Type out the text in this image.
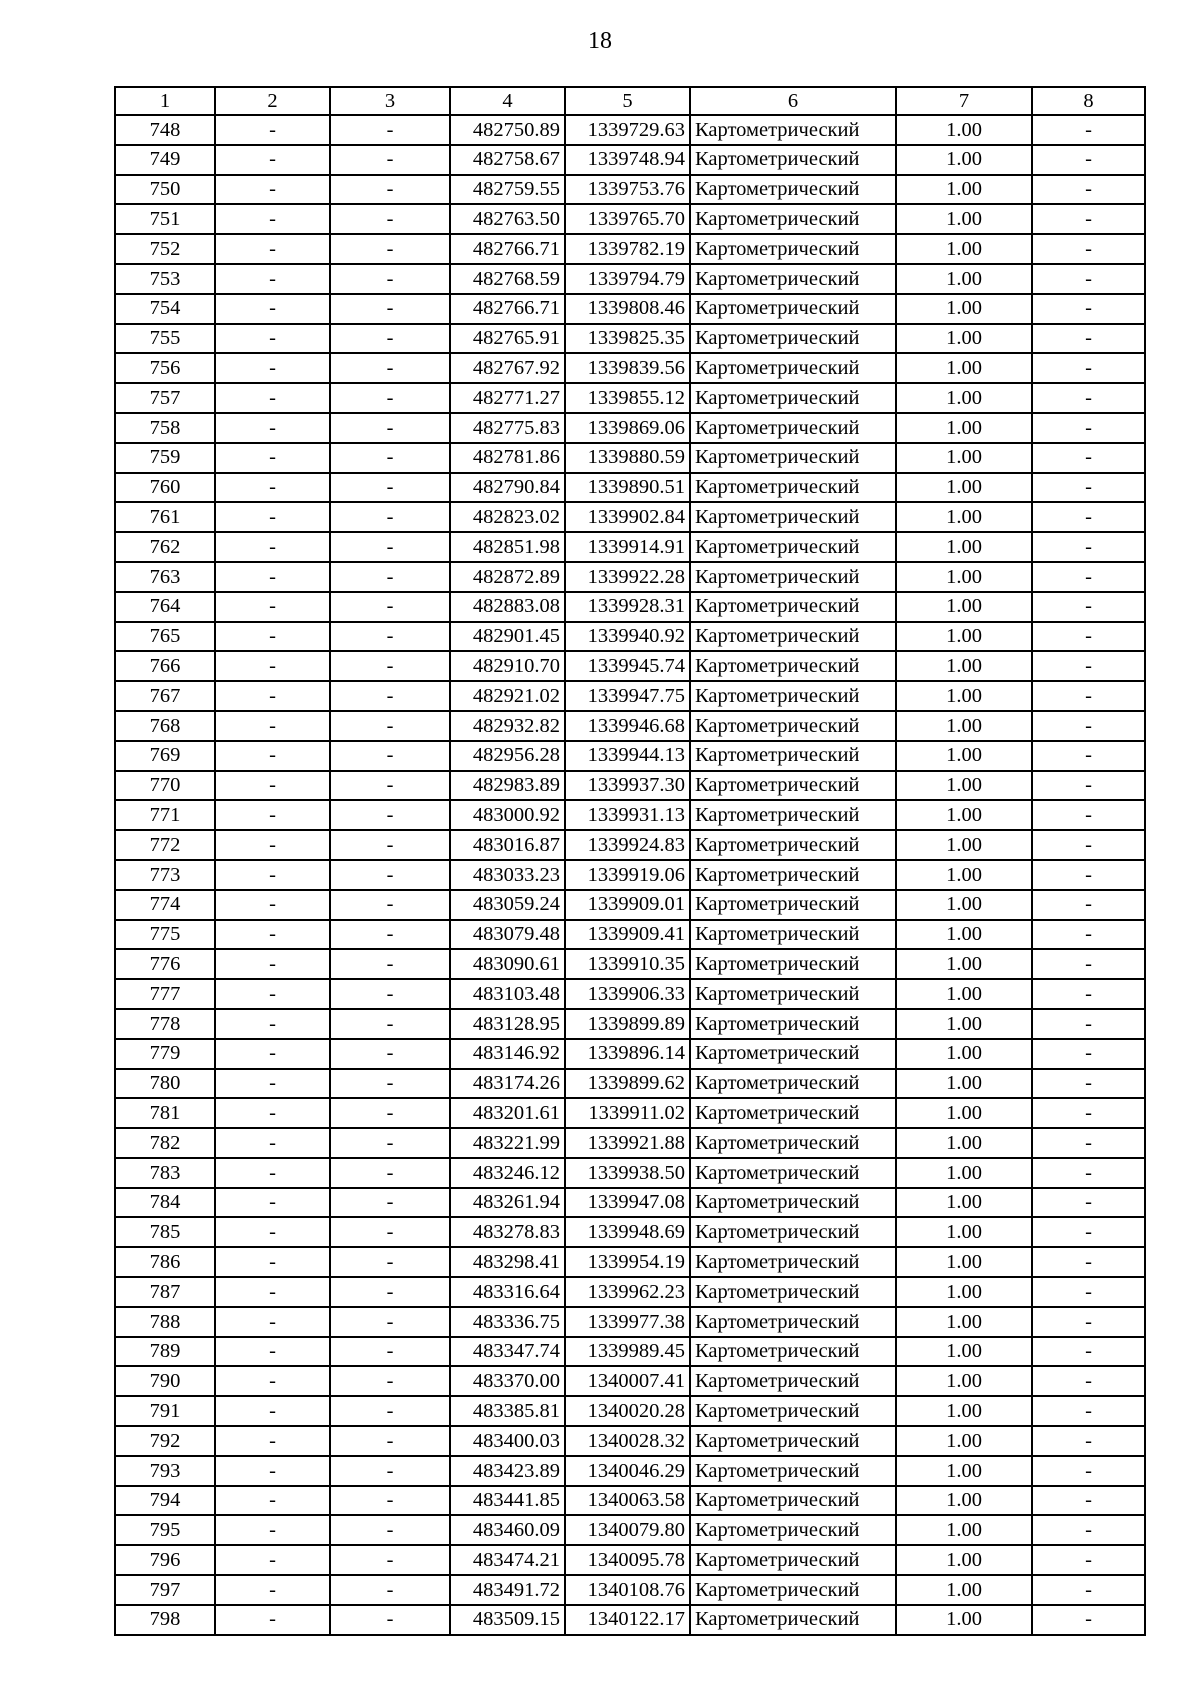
18
1	2	3	4	5	6	7	8
748	-	-	482750.89	1339729.63	Картометрический	1.00	-
749	-	-	482758.67	1339748.94	Картометрический	1.00	-
750	-	-	482759.55	1339753.76	Картометрический	1.00	-
751	-	-	482763.50	1339765.70	Картометрический	1.00	-
752	-	-	482766.71	1339782.19	Картометрический	1.00	-
753	-	-	482768.59	1339794.79	Картометрический	1.00	-
754	-	-	482766.71	1339808.46	Картометрический	1.00	-
755	-	-	482765.91	1339825.35	Картометрический	1.00	-
756	-	-	482767.92	1339839.56	Картометрический	1.00	-
757	-	-	482771.27	1339855.12	Картометрический	1.00	-
758	-	-	482775.83	1339869.06	Картометрический	1.00	-
759	-	-	482781.86	1339880.59	Картометрический	1.00	-
760	-	-	482790.84	1339890.51	Картометрический	1.00	-
761	-	-	482823.02	1339902.84	Картометрический	1.00	-
762	-	-	482851.98	1339914.91	Картометрический	1.00	-
763	-	-	482872.89	1339922.28	Картометрический	1.00	-
764	-	-	482883.08	1339928.31	Картометрический	1.00	-
765	-	-	482901.45	1339940.92	Картометрический	1.00	-
766	-	-	482910.70	1339945.74	Картометрический	1.00	-
767	-	-	482921.02	1339947.75	Картометрический	1.00	-
768	-	-	482932.82	1339946.68	Картометрический	1.00	-
769	-	-	482956.28	1339944.13	Картометрический	1.00	-
770	-	-	482983.89	1339937.30	Картометрический	1.00	-
771	-	-	483000.92	1339931.13	Картометрический	1.00	-
772	-	-	483016.87	1339924.83	Картометрический	1.00	-
773	-	-	483033.23	1339919.06	Картометрический	1.00	-
774	-	-	483059.24	1339909.01	Картометрический	1.00	-
775	-	-	483079.48	1339909.41	Картометрический	1.00	-
776	-	-	483090.61	1339910.35	Картометрический	1.00	-
777	-	-	483103.48	1339906.33	Картометрический	1.00	-
778	-	-	483128.95	1339899.89	Картометрический	1.00	-
779	-	-	483146.92	1339896.14	Картометрический	1.00	-
780	-	-	483174.26	1339899.62	Картометрический	1.00	-
781	-	-	483201.61	1339911.02	Картометрический	1.00	-
782	-	-	483221.99	1339921.88	Картометрический	1.00	-
783	-	-	483246.12	1339938.50	Картометрический	1.00	-
784	-	-	483261.94	1339947.08	Картометрический	1.00	-
785	-	-	483278.83	1339948.69	Картометрический	1.00	-
786	-	-	483298.41	1339954.19	Картометрический	1.00	-
787	-	-	483316.64	1339962.23	Картометрический	1.00	-
788	-	-	483336.75	1339977.38	Картометрический	1.00	-
789	-	-	483347.74	1339989.45	Картометрический	1.00	-
790	-	-	483370.00	1340007.41	Картометрический	1.00	-
791	-	-	483385.81	1340020.28	Картометрический	1.00	-
792	-	-	483400.03	1340028.32	Картометрический	1.00	-
793	-	-	483423.89	1340046.29	Картометрический	1.00	-
794	-	-	483441.85	1340063.58	Картометрический	1.00	-
795	-	-	483460.09	1340079.80	Картометрический	1.00	-
796	-	-	483474.21	1340095.78	Картометрический	1.00	-
797	-	-	483491.72	1340108.76	Картометрический	1.00	-
798	-	-	483509.15	1340122.17	Картометрический	1.00	-
